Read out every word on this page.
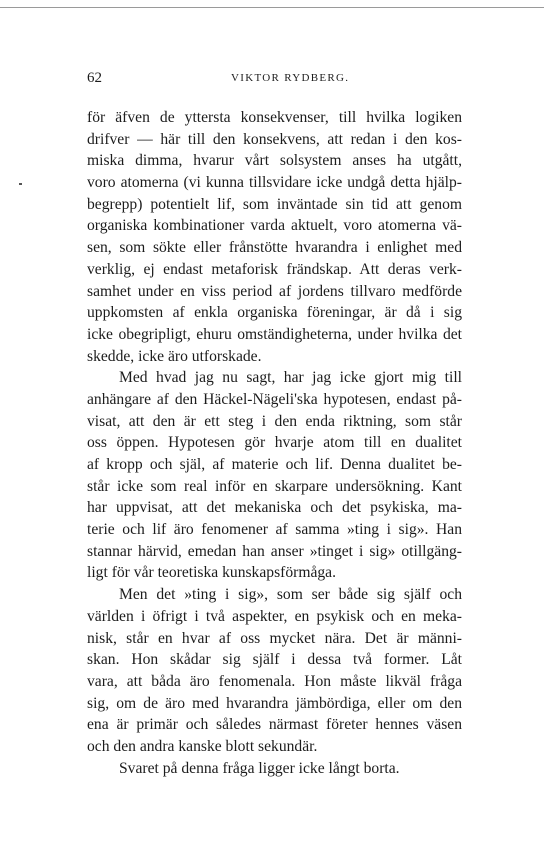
62	VIKTOR RYDBERG.
för äfven de yttersta konsekvenser, till hvilka logiken
drifver — här till den konsekvens, att redan i den kos-
miska dimma, hvarur vårt solsystem anses ha utgått,
voro atomerna (vi kunna tillsvidare icke undgå detta hjälp-
begrepp) potentielt lif, som inväntade sin tid att genom
organiska kombinationer varda aktuelt, voro atomerna vä-
sen, som sökte eller frånstötte hvarandra i enlighet med
verklig, ej endast metaforisk frändskap. Att deras verk-
samhet under en viss period af jordens tillvaro medförde
uppkomsten af enkla organiska föreningar, är då i sig
icke obegripligt, ehuru omständigheterna, under hvilka det
skedde, icke äro utforskade.
Med hvad jag nu sagt, har jag icke gjort mig till
anhängare af den Häckel-Nägeli'ska hypotesen, endast på-
visat, att den är ett steg i den enda riktning, som står
oss öppen. Hypotesen gör hvarje atom till en dualitet
af kropp och själ, af materie och lif. Denna dualitet be-
står icke som real inför en skarpare undersökning. Kant
har uppvisat, att det mekaniska och det psykiska, ma-
terie och lif äro fenomener af samma »ting i sig». Han
stannar härvid, emedan han anser »tinget i sig» otillgäng-
ligt för vår teoretiska kunskapsförmåga.
Men det »ting i sig», som ser både sig själf och
världen i öfrigt i två aspekter, en psykisk och en meka-
nisk, står en hvar af oss mycket nära. Det är männi-
skan. Hon skådar sig själf i dessa två former. Låt
vara, att båda äro fenomenala. Hon måste likväl fråga
sig, om de äro med hvarandra jämbördiga, eller om den
ena är primär och således närmast företer hennes väsen
och den andra kanske blott sekundär.
Svaret på denna fråga ligger icke långt borta.
